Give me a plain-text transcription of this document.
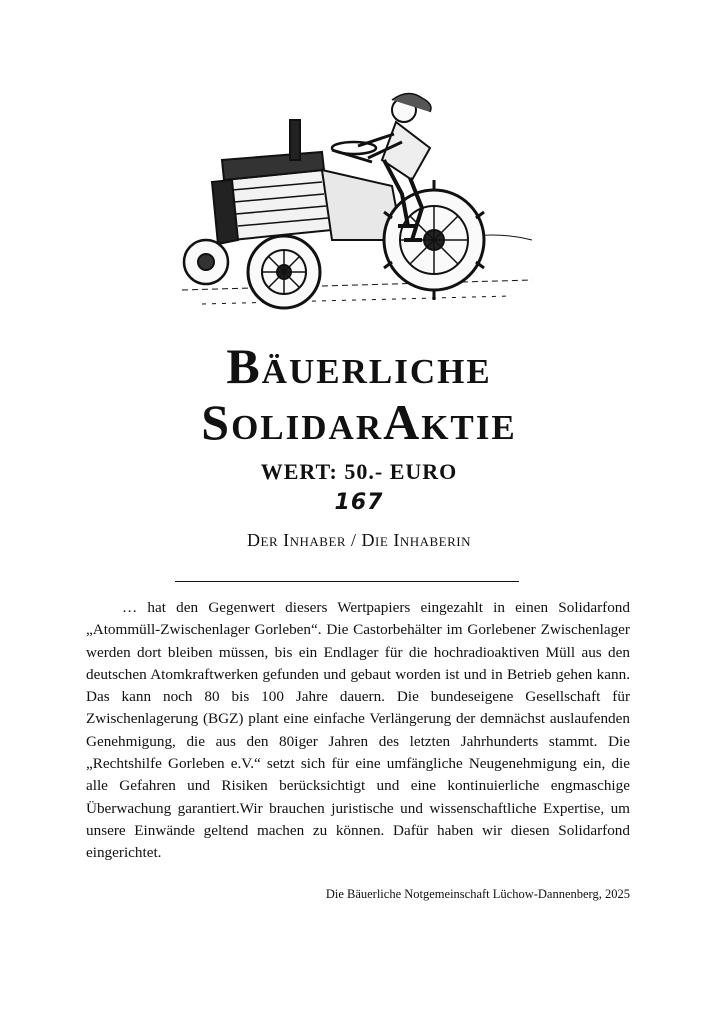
Bäuerliche
SolidarAktie
WERT: 50.- EURO
167
Der Inhaber / Die Inhaberin

… hat den Gegenwert diesers Wertpapiers eingezahlt in einen Solidarfond „Atommüll-Zwischenlager Gorleben“. Die Castorbehälter im Gorlebener Zwischenlager werden dort bleiben müssen, bis ein Endlager für die hochradioaktiven Müll aus den deutschen Atomkraftwerken gefunden und gebaut worden ist und in Betrieb gehen kann. Das kann noch 80 bis 100 Jahre dauern. Die bundeseigene Gesellschaft für Zwischenlagerung (BGZ) plant eine einfache Verlängerung der demnächst auslaufenden Genehmigung, die aus den 80iger Jahren des letzten Jahrhunderts stammt. Die „Rechtshilfe Gorleben e.V.“ setzt sich für eine umfängliche Neugenehmigung ein, die alle Gefahren und Risiken berücksichtigt und eine kontinuierliche engmaschige Überwachung garantiert.Wir brauchen juristische und wissenschaftliche Expertise, um unsere Einwände geltend machen zu können. Dafür haben wir diesen Solidarfond eingerichtet.

Die Bäuerliche Notgemeinschaft Lüchow-Dannenberg, 2025
